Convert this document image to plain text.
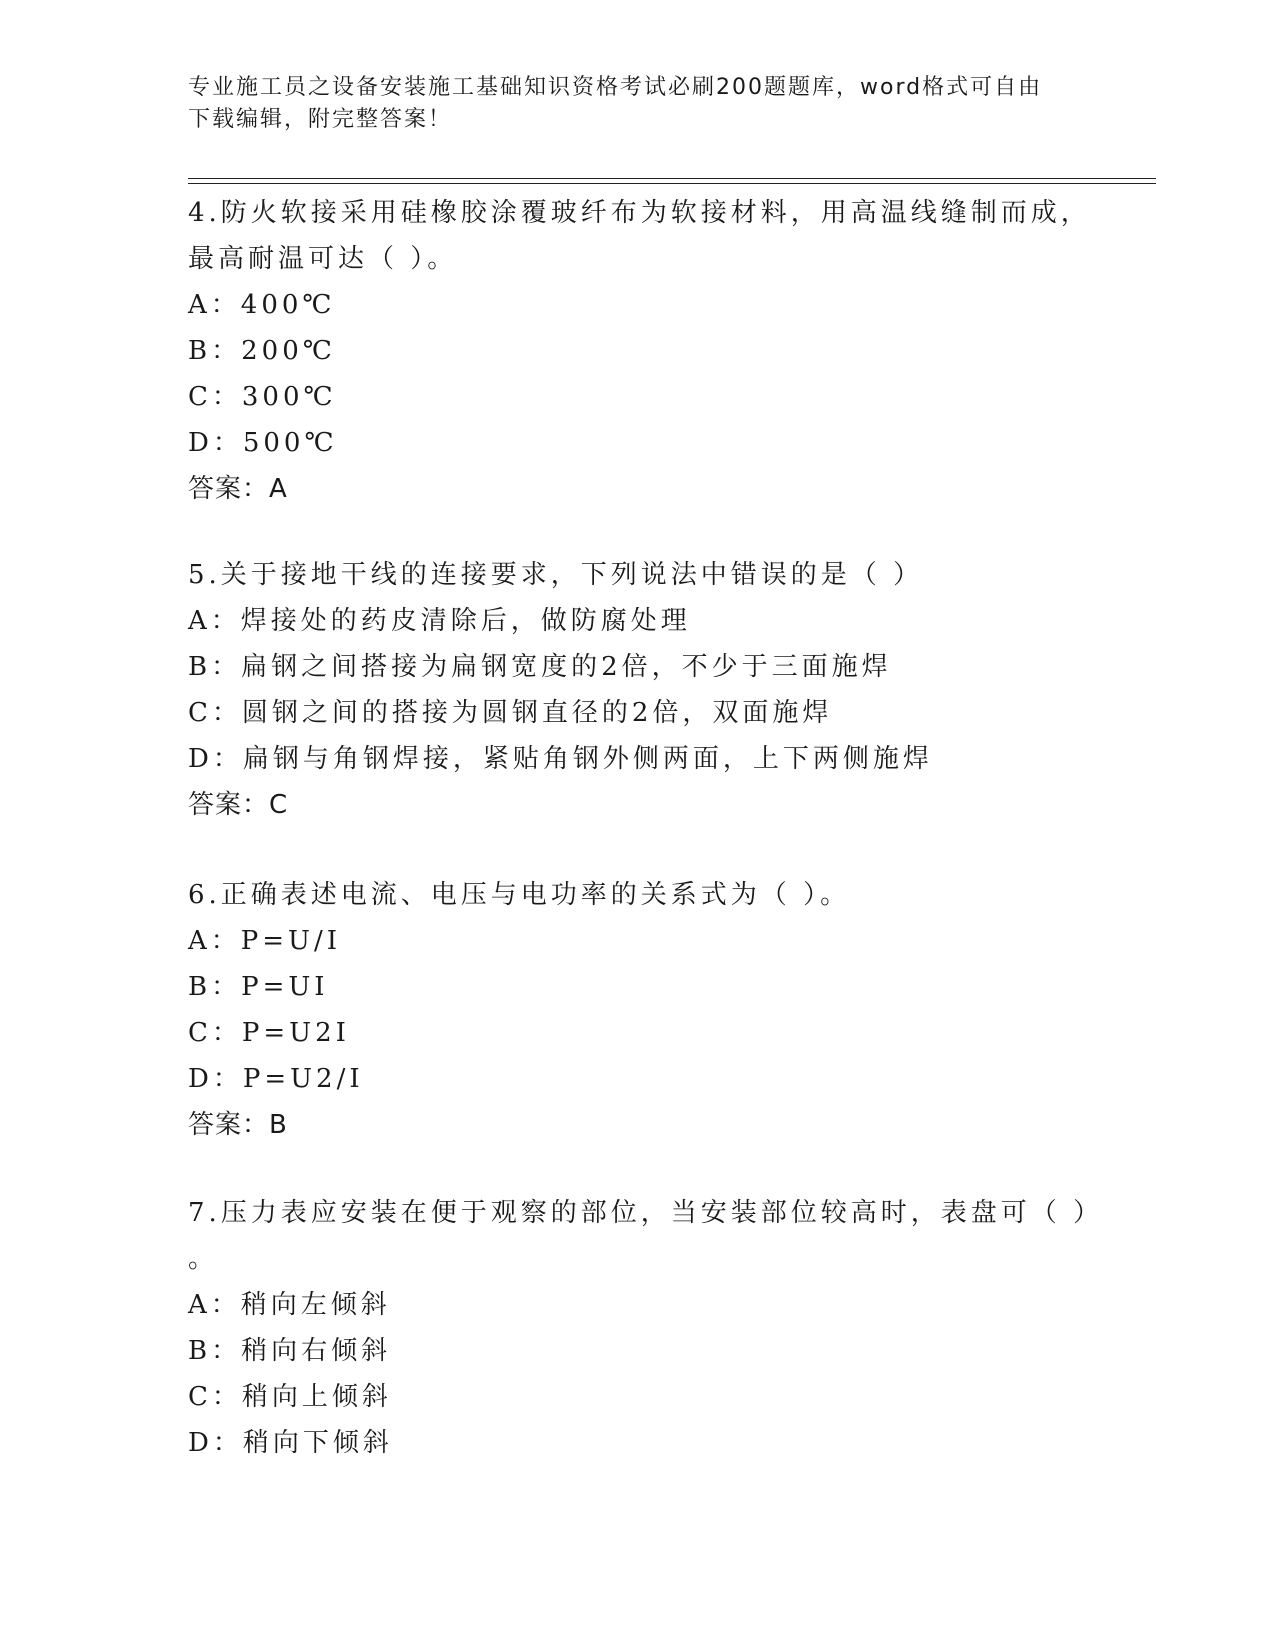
专业施工员之设备安装施工基础知识资格考试必刷200题题库，word格式可自由
下载编辑，附完整答案！
4.防火软接采用硅橡胶涂覆玻纤布为软接材料，用高温线缝制而成，
最高耐温可达（ ）。
A：400℃
B：200℃
C：300℃
D：500℃
答案：A
5.关于接地干线的连接要求，下列说法中错误的是（ ）
A：焊接处的药皮清除后，做防腐处理
B：扁钢之间搭接为扁钢宽度的2倍，不少于三面施焊
C：圆钢之间的搭接为圆钢直径的2倍，双面施焊
D：扁钢与角钢焊接，紧贴角钢外侧两面，上下两侧施焊
答案：C
6.正确表述电流、电压与电功率的关系式为（ ）。
A：P=U/I
B：P=UI
C：P=U2I
D：P=U2/I
答案：B
7.压力表应安装在便于观察的部位，当安装部位较高时，表盘可（ ）
。
A：稍向左倾斜
B：稍向右倾斜
C：稍向上倾斜
D：稍向下倾斜
